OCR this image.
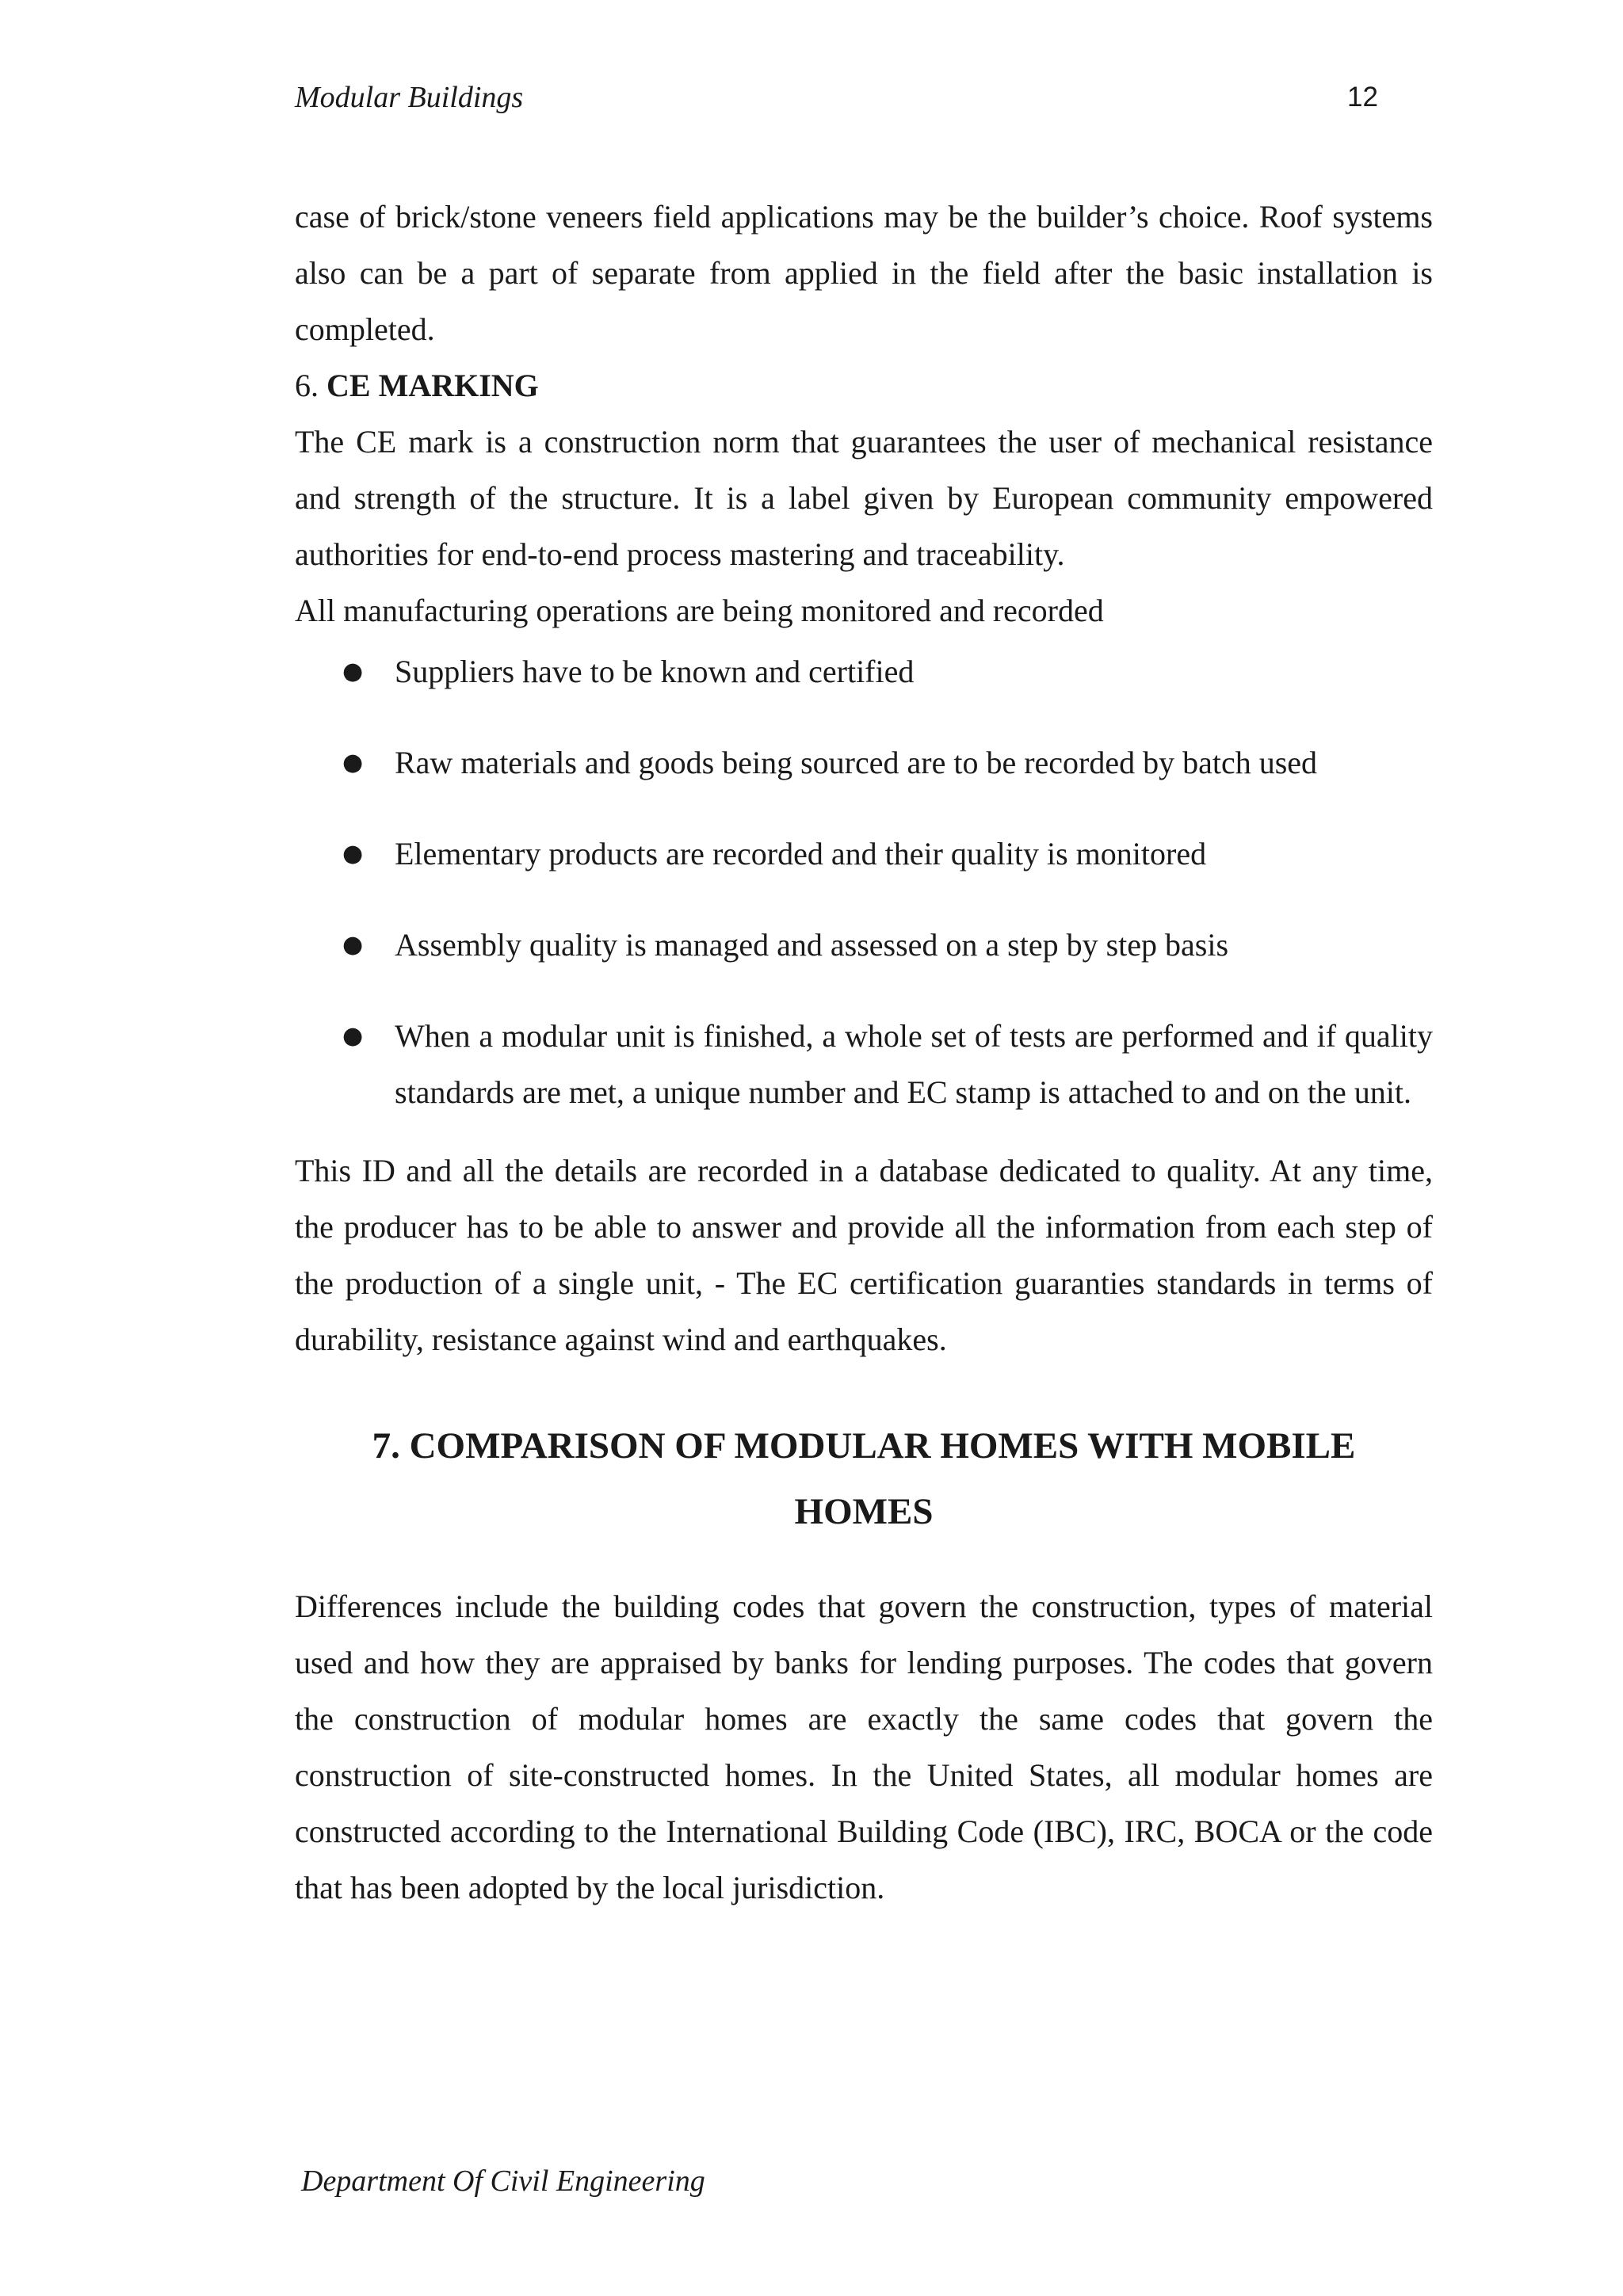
Modular Buildings	12

case of brick/stone veneers field applications may be the builder’s choice. Roof systems also can be a part of separate from applied in the field after the basic installation is completed.

6. CE MARKING

The CE mark is a construction norm that guarantees the user of mechanical resistance and strength of the structure. It is a label given by European community empowered authorities for end-to-end process mastering and traceability.

All manufacturing operations are being monitored and recorded

● Suppliers have to be known and certified
● Raw materials and goods being sourced are to be recorded by batch used
● Elementary products are recorded and their quality is monitored
● Assembly quality is managed and assessed on a step by step basis
● When a modular unit is finished, a whole set of tests are performed and if quality standards are met, a unique number and EC stamp is attached to and on the unit.

This ID and all the details are recorded in a database dedicated to quality. At any time, the producer has to be able to answer and provide all the information from each step of the production of a single unit, - The EC certification guaranties standards in terms of durability, resistance against wind and earthquakes.

7. COMPARISON OF MODULAR HOMES WITH MOBILE HOMES

Differences include the building codes that govern the construction, types of material used and how they are appraised by banks for lending purposes. The codes that govern the construction of modular homes are exactly the same codes that govern the construction of site-constructed homes. In the United States, all modular homes are constructed according to the International Building Code (IBC), IRC, BOCA or the code that has been adopted by the local jurisdiction.

Department Of Civil Engineering
